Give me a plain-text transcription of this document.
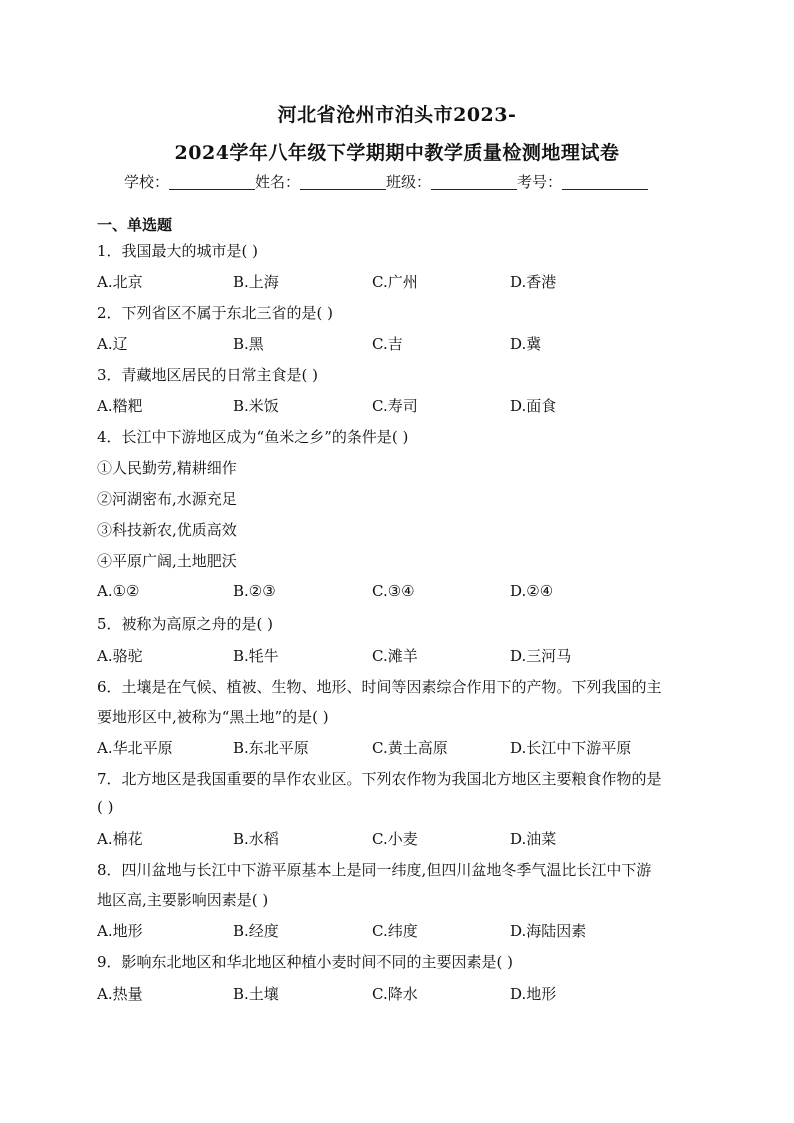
河北省沧州市泊头市2023-
2024学年八年级下学期期中教学质量检测地理试卷
学校：	姓名：	班级：	考号：
一、单选题
1．我国最大的城市是( )
A.北京	B.上海	C.广州	D.香港
2．下列省区不属于东北三省的是( )
A.辽	B.黑	C.吉	D.冀
3．青藏地区居民的日常主食是( )
A.糌粑	B.米饭	C.寿司	D.面食
4．长江中下游地区成为“鱼米之乡”的条件是( )
①人民勤劳,精耕细作
②河湖密布,水源充足
③科技新农,优质高效
④平原广阔,土地肥沃
A.①②	B.②③	C.③④	D.②④
5．被称为高原之舟的是( )
A.骆驼	B.牦牛	C.滩羊	D.三河马
6．土壤是在气候、植被、生物、地形、时间等因素综合作用下的产物。下列我国的主
要地形区中,被称为“黑土地”的是( )
A.华北平原	B.东北平原	C.黄土高原	D.长江中下游平原
7．北方地区是我国重要的旱作农业区。下列农作物为我国北方地区主要粮食作物的是
( )
A.棉花	B.水稻	C.小麦	D.油菜
8．四川盆地与长江中下游平原基本上是同一纬度,但四川盆地冬季气温比长江中下游
地区高,主要影响因素是( )
A.地形	B.经度	C.纬度	D.海陆因素
9．影响东北地区和华北地区种植小麦时间不同的主要因素是( )
A.热量	B.土壤	C.降水	D.地形
